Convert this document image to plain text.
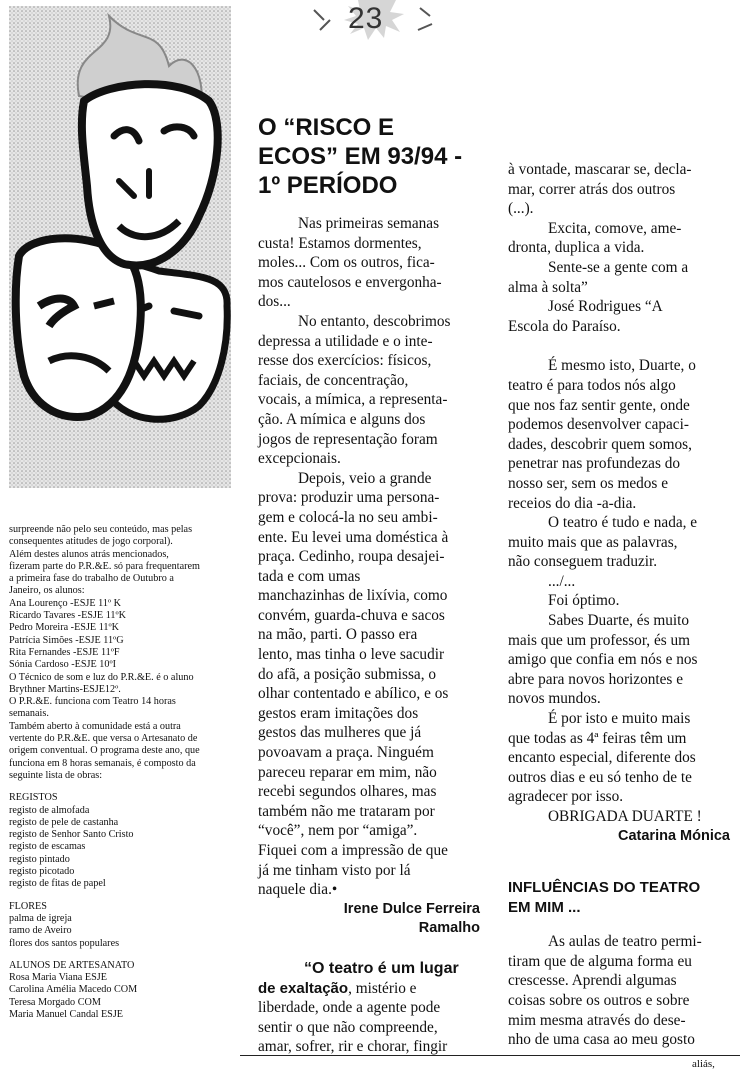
23
surpreende não pelo seu conteúdo, mas pelas
consequentes atitudes de jogo corporal).
Além destes alunos atrás mencionados,
fizeram parte do P.R.&E. só para frequentarem
a primeira fase do trabalho de Outubro a
Janeiro, os alunos:
Ana Lourenço -ESJE 11º K
Ricardo Tavares -ESJE 11ºK
Pedro Moreira -ESJE 11ºK
Patrícia Simões -ESJE 11ºG
Rita Fernandes -ESJE 11ºF
Sónia Cardoso -ESJE 10ºI
O Técnico de som e luz do P.R.&E. é o aluno
Brythner Martins-ESJE12º.
O P.R.&E. funciona com Teatro 14 horas
semanais.
Também aberto à comunidade está a outra
vertente do P.R.&E. que versa o Artesanato de
origem conventual. O programa deste ano, que
funciona em 8 horas semanais, é composto da
seguinte lista de obras:
REGISTOS
registo de almofada
registo de pele de castanha
registo de Senhor Santo Cristo
registo de escamas
registo pintado
registo picotado
registo de fitas de papel
FLORES
palma de igreja
ramo de Aveiro
flores dos santos populares
ALUNOS DE ARTESANATO
Rosa Maria Viana ESJE
Carolina Amélia Macedo COM
Teresa Morgado COM
Maria Manuel Candal ESJE
O “RISCO E
ECOS” EM 93/94 -
1º PERÍODO
Nas primeiras semanas
custa! Estamos dormentes,
moles... Com os outros, fica-
mos cautelosos e envergonha-
dos...
No entanto, descobrimos
depressa a utilidade e o inte-
resse dos exercícios: físicos,
faciais, de concentração,
vocais, a mímica, a representa-
ção. A mímica e alguns dos
jogos de representação foram
excepcionais.
Depois, veio a grande
prova: produzir uma persona-
gem e colocá-la no seu ambi-
ente. Eu levei uma doméstica à
praça. Cedinho, roupa desajei-
tada e com umas
manchazinhas de lixívia, como
convém, guarda-chuva e sacos
na mão, parti. O passo era
lento, mas tinha o leve sacudir
do afã, a posição submissa, o
olhar contentado e abílico, e os
gestos eram imitações dos
gestos das mulheres que já
povoavam a praça. Ninguém
pareceu reparar em mim, não
recebi segundos olhares, mas
também não me trataram por
“você”, nem por “amiga”.
Fiquei com a impressão de que
já me tinham visto por lá
naquele dia.•
Irene Dulce Ferreira
Ramalho
“O teatro é um lugar
de exaltação, mistério e
liberdade, onde a agente pode
sentir o que não compreende,
amar, sofrer, rir e chorar, fingir
à vontade, mascarar se, decla-
mar, correr atrás dos outros
(...).
Excita, comove, ame-
dronta, duplica a vida.
Sente-se a gente com a
alma à solta”
José Rodrigues “A
Escola do Paraíso.
É mesmo isto, Duarte, o
teatro é para todos nós algo
que nos faz sentir gente, onde
podemos desenvolver capaci-
dades, descobrir quem somos,
penetrar nas profundezas do
nosso ser, sem os medos e
receios do dia -a-dia.
O teatro é tudo e nada, e
muito mais que as palavras,
não conseguem traduzir.
.../...
Foi óptimo.
Sabes Duarte, és muito
mais que um professor, és um
amigo que confia em nós e nos
abre para novos horizontes e
novos mundos.
É por isto e muito mais
que todas as 4ª feiras têm um
encanto especial, diferente dos
outros dias e eu só tenho de te
agradecer por isso.
OBRIGADA DUARTE !
Catarina Mónica
INFLUÊNCIAS DO TEATRO
EM MIM ...
As aulas de teatro permi-
tiram que de alguma forma eu
crescesse. Aprendi algumas
coisas sobre os outros e sobre
mim mesma através do dese-
nho de uma casa ao meu gosto
aliás,
